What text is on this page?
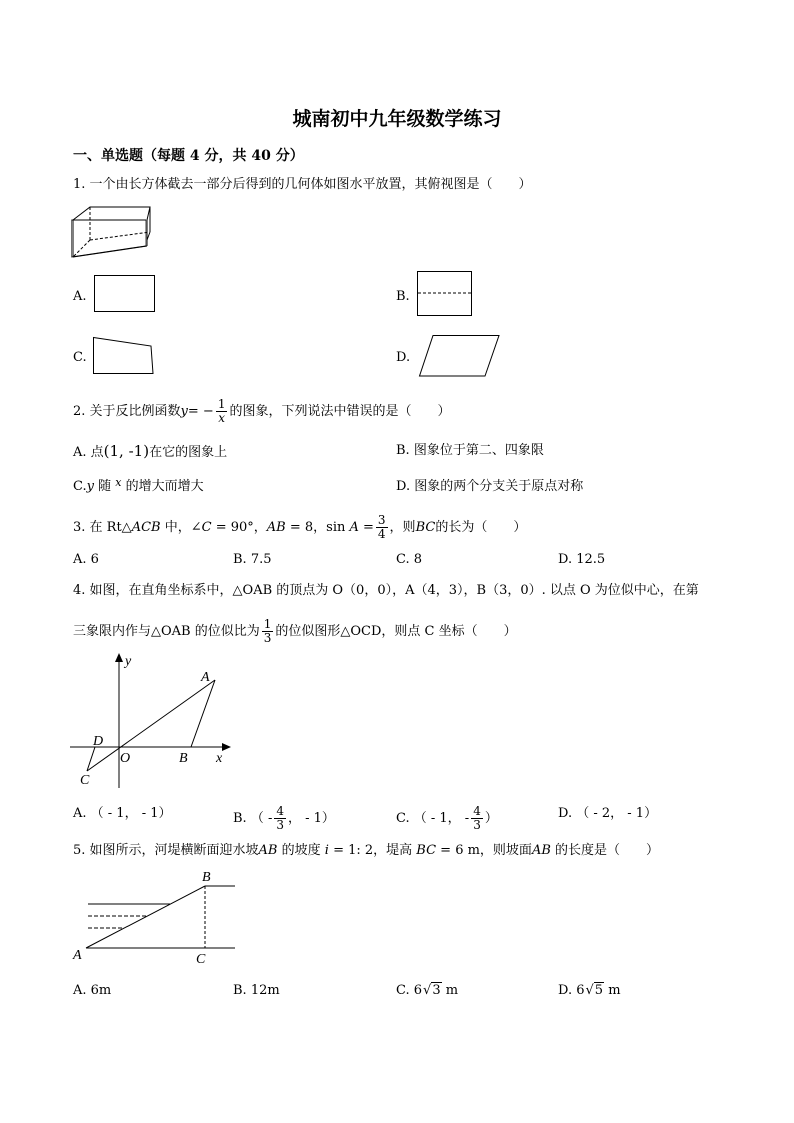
城南初中九年级数学练习
一、单选题（每题 4 分，共 40 分）
1. 一个由长方体截去一部分后得到的几何体如图水平放置，其俯视图是（　　）
A.	B.
C.	D.
2. 关于反比例函数$y= - \frac{1}{x}$ 的图象，下列说法中错误的是（　　）
A. 点(1, -1)在它的图象上	B. 图象位于第二、四象限
C.y 随 $^x$ 的增大而增大	D. 图象的两个分支关于原点对称
3. 在 Rt△ACB 中，∠C = 90°，AB = 8，$\sin A = \frac{3}{4}$ ，则BC的长为（　　）
A. 6	B. 7.5	C. 8	D. 12.5
4. 如图，在直角坐标系中，△OAB 的顶点为 O（0，0），A（4，3），B（3，0）. 以点 O 为位似中心，在第
三象限内作与△OAB 的位似比为 $\frac{1}{3}$ 的位似图形△OCD，则点 C 坐标（　　）
y
x
A
B
O
D
C
A. （ - 1， - 1）	B. （ - $\frac{4}{3}$ ， - 1）	C. （ - 1， - $\frac{4}{3}$ ）	D. （ - 2， - 1）
5. 如图所示，河堤横断面迎水坡AB 的坡度 i = 1: 2，堤高 BC = 6 m，则坡面AB 的长度是（　　）
A
B
C
A. 6m	B. 12m	C. 6√3 m	D. 6√5 m
